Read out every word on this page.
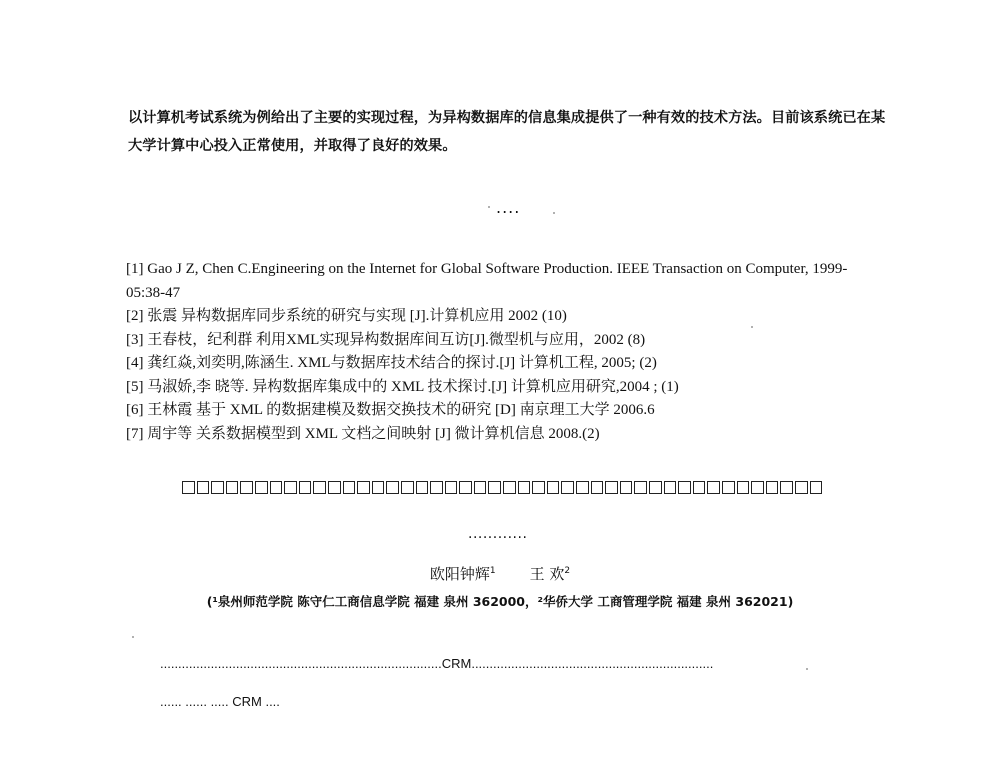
以计算机考试系统为例给出了主要的实现过程，为异构数据库的信息集成提供了一种有效的技术方法。目前该系统已在某大学计算中心投入正常使用，并取得了良好的效果。

....
[1] Gao J Z, Chen C.Engineering on the Internet for Global Software Production. IEEE Transaction on Computer, 1999-05:38-47
[2] 张震 异构数据库同步系统的研究与实现 [J].计算机应用 2002 (10)
[3] 王春枝，纪利群 利用XML实现异构数据库间互访[J].微型机与应用，2002 (8)
[4] 龚红焱,刘奕明,陈涵生. XML与数据库技术结合的探讨.[J] 计算机工程, 2005; (2)
[5] 马淑娇,李 晓等. 异构数据库集成中的 XML 技术探讨.[J] 计算机应用研究,2004 ; (1)
[6] 王林霞 基于 XML 的数据建模及数据交换技术的研究 [D] 南京理工大学 2006.6
[7] 周宇等 关系数据模型到 XML 文档之间映射 [J] 微计算机信息 2008.(2)
............

欧阳钟辉$^1$ 王 欢$^2$

(¹泉州师范学院 陈守仁工商信息学院 福建 泉州 362000，²华侨大学 工商管理学院 福建 泉州 362021)

..............................................................................CRM...................................................................
...... ...... ..... CRM ....
